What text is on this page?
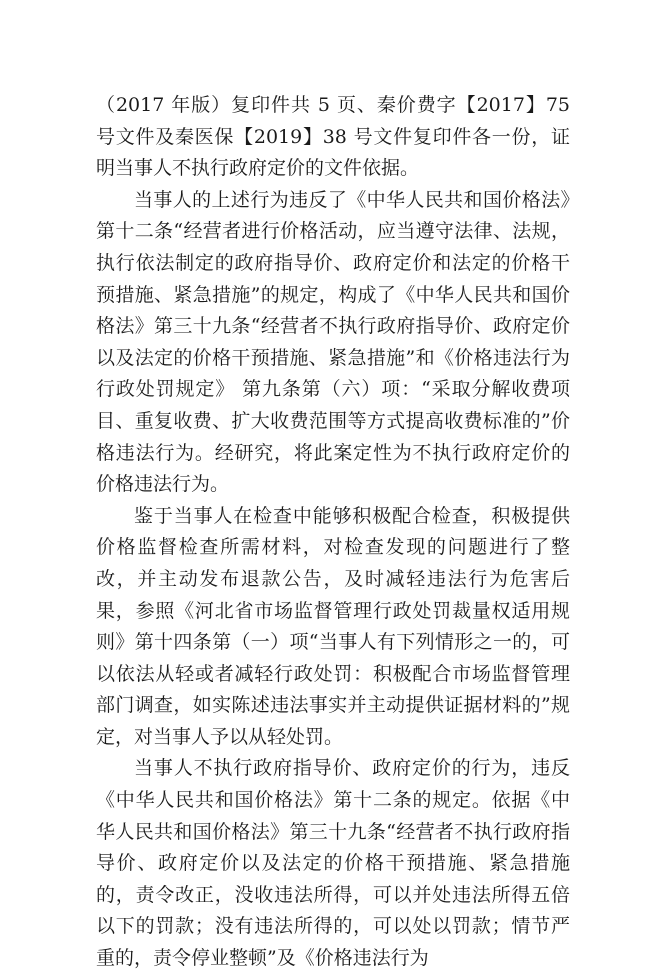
（2017 年版）复印件共 5 页、秦价费字【2017】75 号文件及秦医保【2019】38 号文件复印件各一份，证明当事人不执行政府定价的文件依据。

当事人的上述行为违反了《中华人民共和国价格法》第十二条“经营者进行价格活动，应当遵守法律、法规，执行依法制定的政府指导价、政府定价和法定的价格干预措施、紧急措施”的规定，构成了《中华人民共和国价格法》第三十九条“经营者不执行政府指导价、政府定价以及法定的价格干预措施、紧急措施”和《价格违法行为行政处罚规定》 第九条第（六）项：“采取分解收费项目、重复收费、扩大收费范围等方式提高收费标准的”价格违法行为。经研究，将此案定性为不执行政府定价的价格违法行为。

鉴于当事人在检查中能够积极配合检查，积极提供价格监督检查所需材料，对检查发现的问题进行了整改，并主动发布退款公告，及时减轻违法行为危害后果，参照《河北省市场监督管理行政处罚裁量权适用规则》第十四条第（一）项“当事人有下列情形之一的，可以依法从轻或者减轻行政处罚：积极配合市场监督管理部门调查，如实陈述违法事实并主动提供证据材料的”规定，对当事人予以从轻处罚。

当事人不执行政府指导价、政府定价的行为，违反《中华人民共和国价格法》第十二条的规定。依据《中华人民共和国价格法》第三十九条“经营者不执行政府指导价、政府定价以及法定的价格干预措施、紧急措施的，责令改正，没收违法所得，可以并处违法所得五倍以下的罚款；没有违法所得的，可以处以罚款；情节严重的，责令停业整顿”及《价格违法行为
